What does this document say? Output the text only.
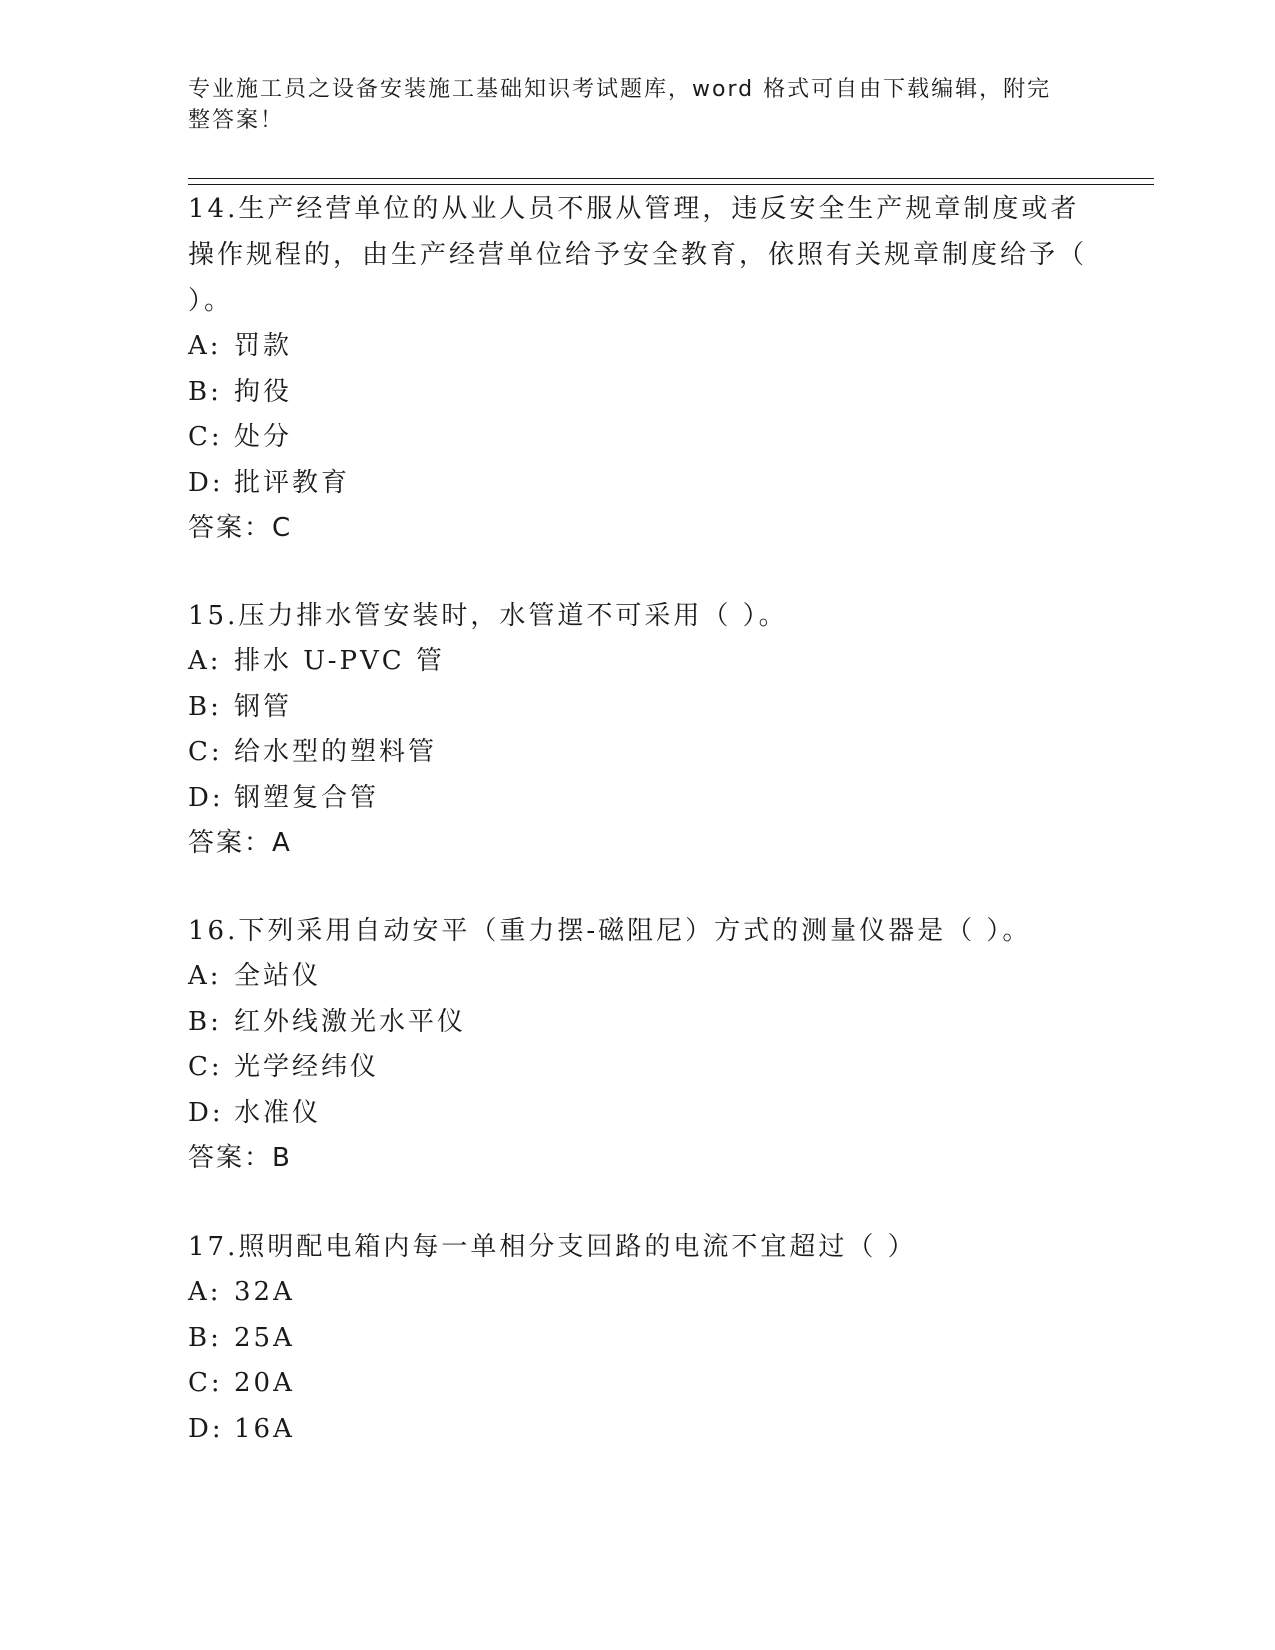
专业施工员之设备安装施工基础知识考试题库，word 格式可自由下载编辑，附完整答案！
14.生产经营单位的从业人员不服从管理，违反安全生产规章制度或者操作规程的，由生产经营单位给予安全教育，依照有关规章制度给予（ ）。
A: 罚款
B: 拘役
C: 处分
D: 批评教育
答案：C
15.压力排水管安装时，水管道不可采用（ ）。
A: 排水 U-PVC 管
B: 钢管
C: 给水型的塑料管
D: 钢塑复合管
答案：A
16.下列采用自动安平（重力摆-磁阻尼）方式的测量仪器是（ ）。
A: 全站仪
B: 红外线激光水平仪
C: 光学经纬仪
D: 水准仪
答案：B
17.照明配电箱内每一单相分支回路的电流不宜超过（ ）
A: 32A
B: 25A
C: 20A
D: 16A
